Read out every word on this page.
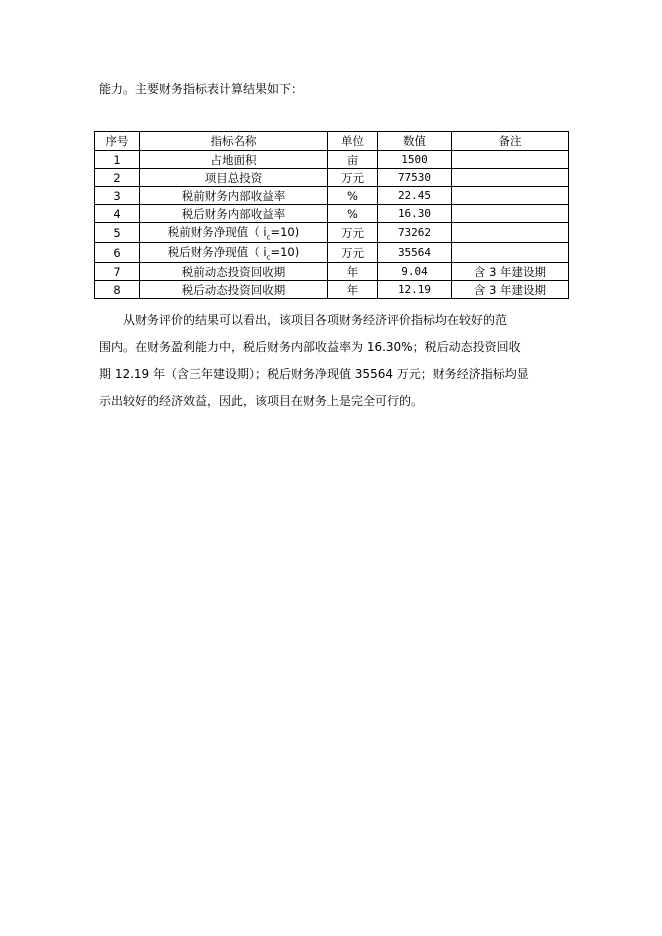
能力。主要财务指标表计算结果如下：
序号	指标名称	单位	数值	备注
1	占地面积	亩	1500	
2	项目总投资	万元	77530	
3	税前财务内部收益率	%	22.45	
4	税后财务内部收益率	%	16.30	
5	税前财务净现值（ $i_c=10$)	万元	73262	
6	税后财务净现值（ $i_c=10$)	万元	35564	
7	税前动态投资回收期	年	9.04	含 3 年建设期
8	税后动态投资回收期	年	12.19	含 3 年建设期
从财务评价的结果可以看出，该项目各项财务经济评价指标均在较好的范
围内。在财务盈利能力中，税后财务内部收益率为 16.30%；税后动态投资回收
期 12.19 年（含三年建设期）；税后财务净现值 35564 万元；财务经济指标均显
示出较好的经济效益，因此，该项目在财务上是完全可行的。
